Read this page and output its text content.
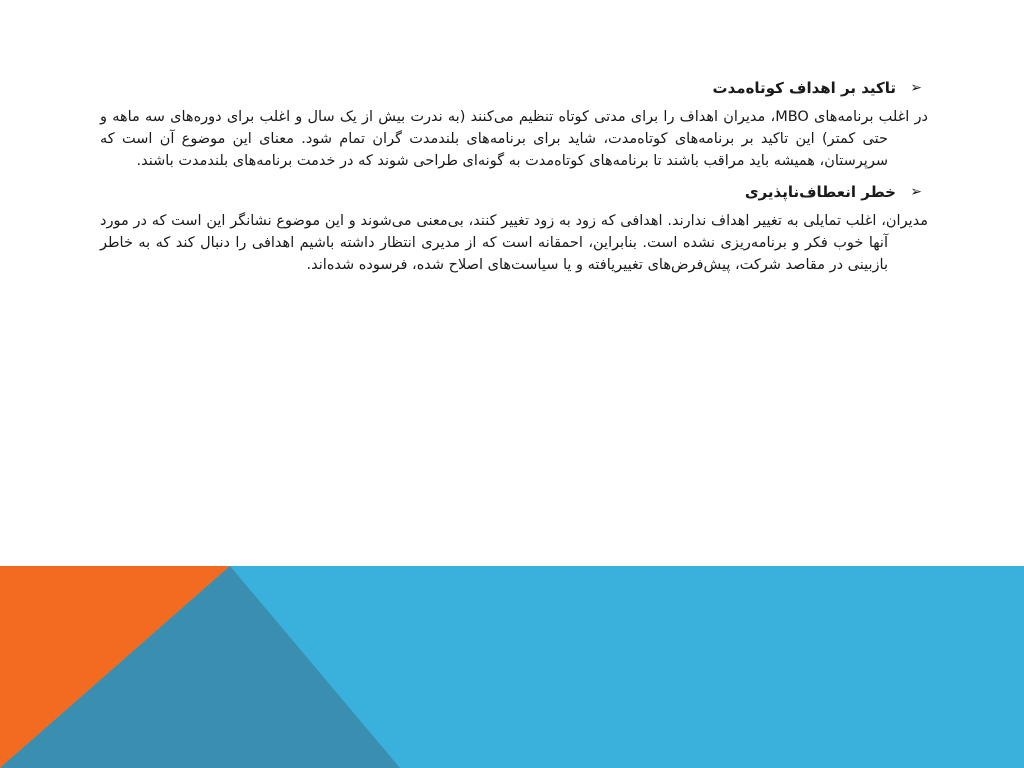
➢
تاکید بر اهداف کوتاه‌مدت

در اغلب برنامه‌های MBO، مدیران اهداف را برای مدتی کوتاه تنظیم می‌کنند (به ندرت بیش از یک سال و اغلب برای دوره‌های سه ماهه و حتی کمتر) این تاکید بر برنامه‌های کوتاه‌مدت، شاید برای برنامه‌های بلندمدت گران تمام شود. معنای این موضوع آن است که سرپرستان، همیشه باید مراقب باشند تا برنامه‌های کوتاه‌مدت به گونه‌ای طراحی شوند که در خدمت برنامه‌های بلندمدت باشند.

➢
خطر انعطاف‌ناپذیری

مدیران، اغلب تمایلی به تغییر اهداف ندارند. اهدافی که زود به زود تغییر کنند، بی‌معنی می‌شوند و این موضوع نشانگر این است که در مورد آنها خوب فکر و برنامه‌ریزی نشده است. بنابراین، احمقانه است که از مدیری انتظار داشته باشیم اهدافی را دنبال کند که به خاطر بازبینی در مقاصد شرکت، پیش‌فرض‌های تغییریافته و یا سیاست‌های اصلاح شده، فرسوده شده‌اند.
